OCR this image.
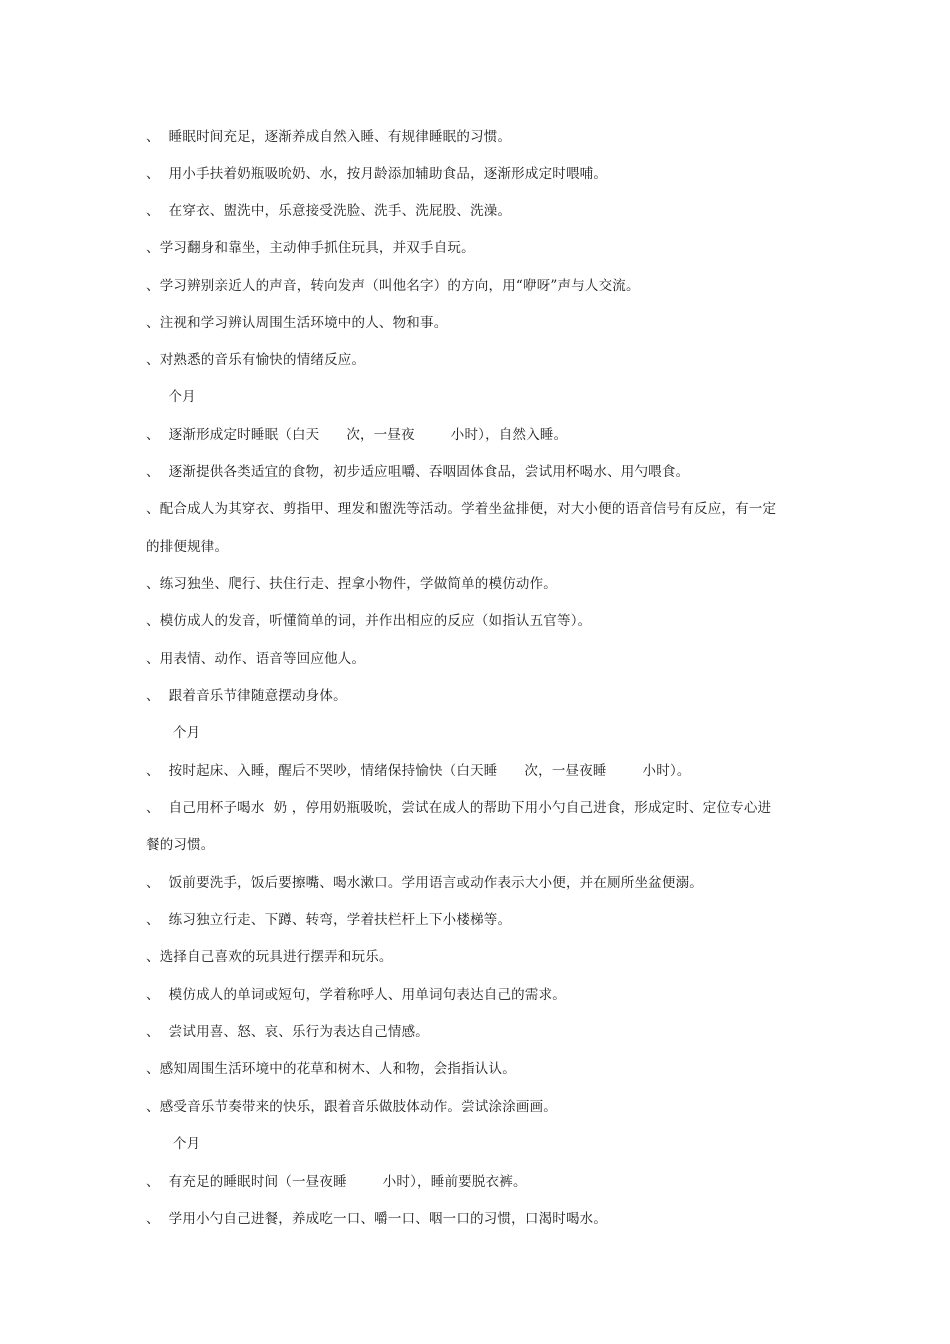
、  睡眠时间充足，逐渐养成自然入睡、有规律睡眠的习惯。
、  用小手扶着奶瓶吸吮奶、水，按月龄添加辅助食品，逐渐形成定时喂哺。
、  在穿衣、盥洗中，乐意接受洗脸、洗手、洗屁股、洗澡。
、学习翻身和靠坐，主动伸手抓住玩具，并双手自玩。
、学习辨别亲近人的声音，转向发声（叫他名字）的方向，用“咿呀”声与人交流。
、注视和学习辨认周围生活环境中的人、物和事。
、对熟悉的音乐有愉快的情绪反应。
个月
、  逐渐形成定时睡眠（白天      次，一昼夜        小时），自然入睡。
、  逐渐提供各类适宜的食物，初步适应咀嚼、吞咽固体食品，尝试用杯喝水、用勺喂食。
、配合成人为其穿衣、剪指甲、理发和盥洗等活动。学着坐盆排便，对大小便的语音信号有反应，有一定
的排便规律。
、练习独坐、爬行、扶住行走、捏拿小物件，学做简单的模仿动作。
、模仿成人的发音，听懂简单的词，并作出相应的反应（如指认五官等）。
、用表情、动作、语音等回应他人。
、  跟着音乐节律随意摆动身体。
个月
、  按时起床、入睡，醒后不哭吵，情绪保持愉快（白天睡      次，一昼夜睡        小时）。
、  自己用杯子喝水  奶 ，停用奶瓶吸吮，尝试在成人的帮助下用小勺自己进食，形成定时、定位专心进
餐的习惯。
、  饭前要洗手，饭后要擦嘴、喝水漱口。学用语言或动作表示大小便，并在厕所坐盆便溺。
、  练习独立行走、下蹲、转弯，学着扶栏杆上下小楼梯等。
、选择自己喜欢的玩具进行摆弄和玩乐。
、  模仿成人的单词或短句，学着称呼人、用单词句表达自己的需求。
、  尝试用喜、怒、哀、乐行为表达自己情感。
、感知周围生活环境中的花草和树木、人和物，会指指认认。
、感受音乐节奏带来的快乐，跟着音乐做肢体动作。尝试涂涂画画。
个月
、  有充足的睡眠时间（一昼夜睡        小时），睡前要脱衣裤。
、  学用小勺自己进餐，养成吃一口、嚼一口、咽一口的习惯，口渴时喝水。
